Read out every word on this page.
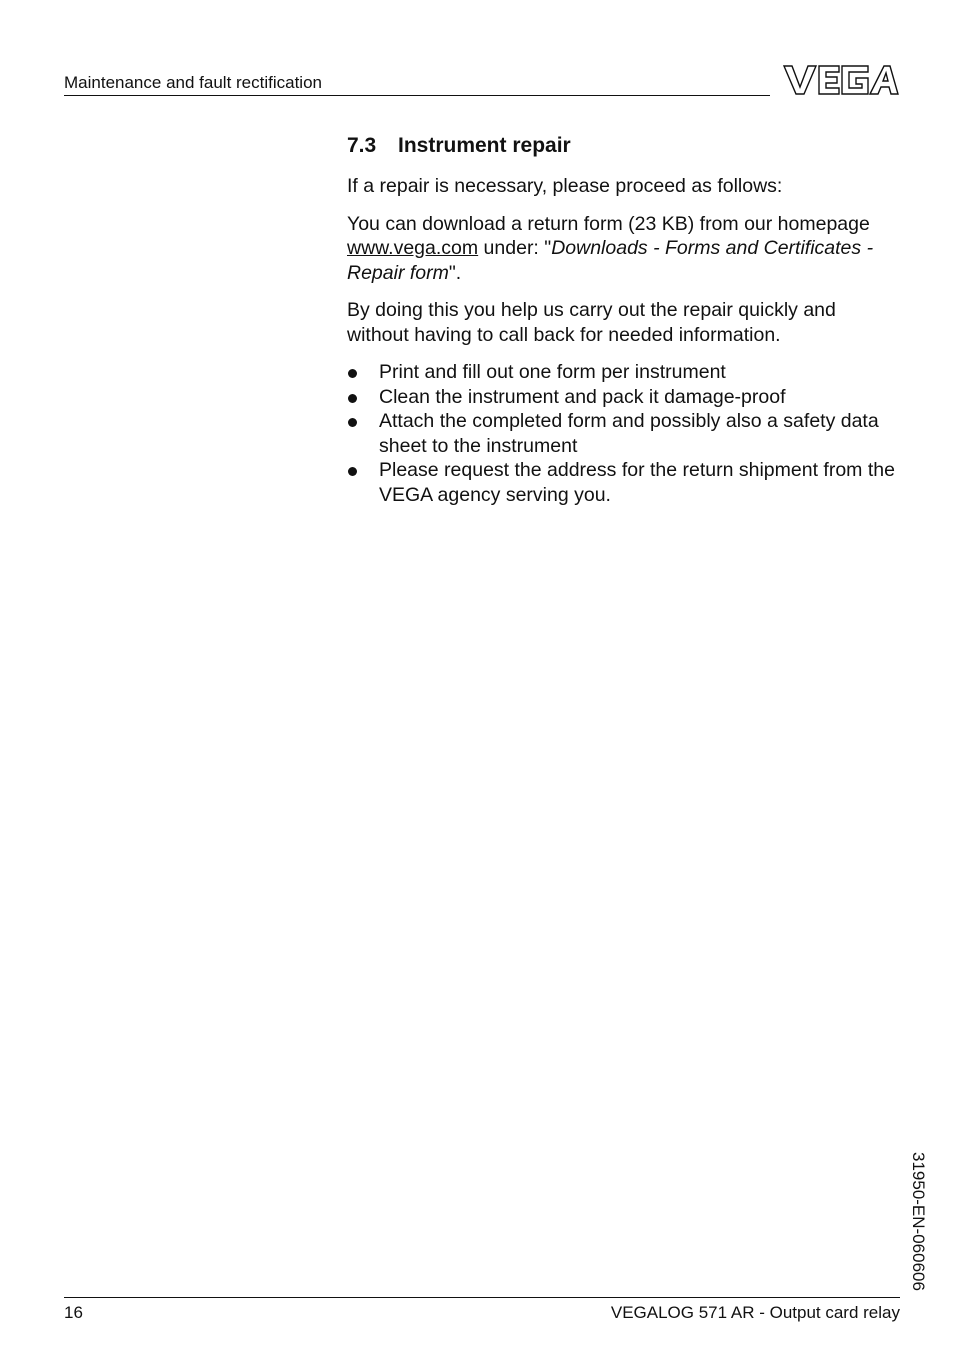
Maintenance and fault rectification
7.3 Instrument repair

If a repair is necessary, please proceed as follows:

You can download a return form (23 KB) from our homepage www.vega.com under: "Downloads - Forms and Certificates - Repair form".

By doing this you help us carry out the repair quickly and without having to call back for needed information.

Print and fill out one form per instrument
Clean the instrument and pack it damage-proof
Attach the completed form and possibly also a safety data sheet to the instrument
Please request the address for the return shipment from the VEGA agency serving you.
31950-EN-060606
16	VEGALOG 571 AR - Output card relay
